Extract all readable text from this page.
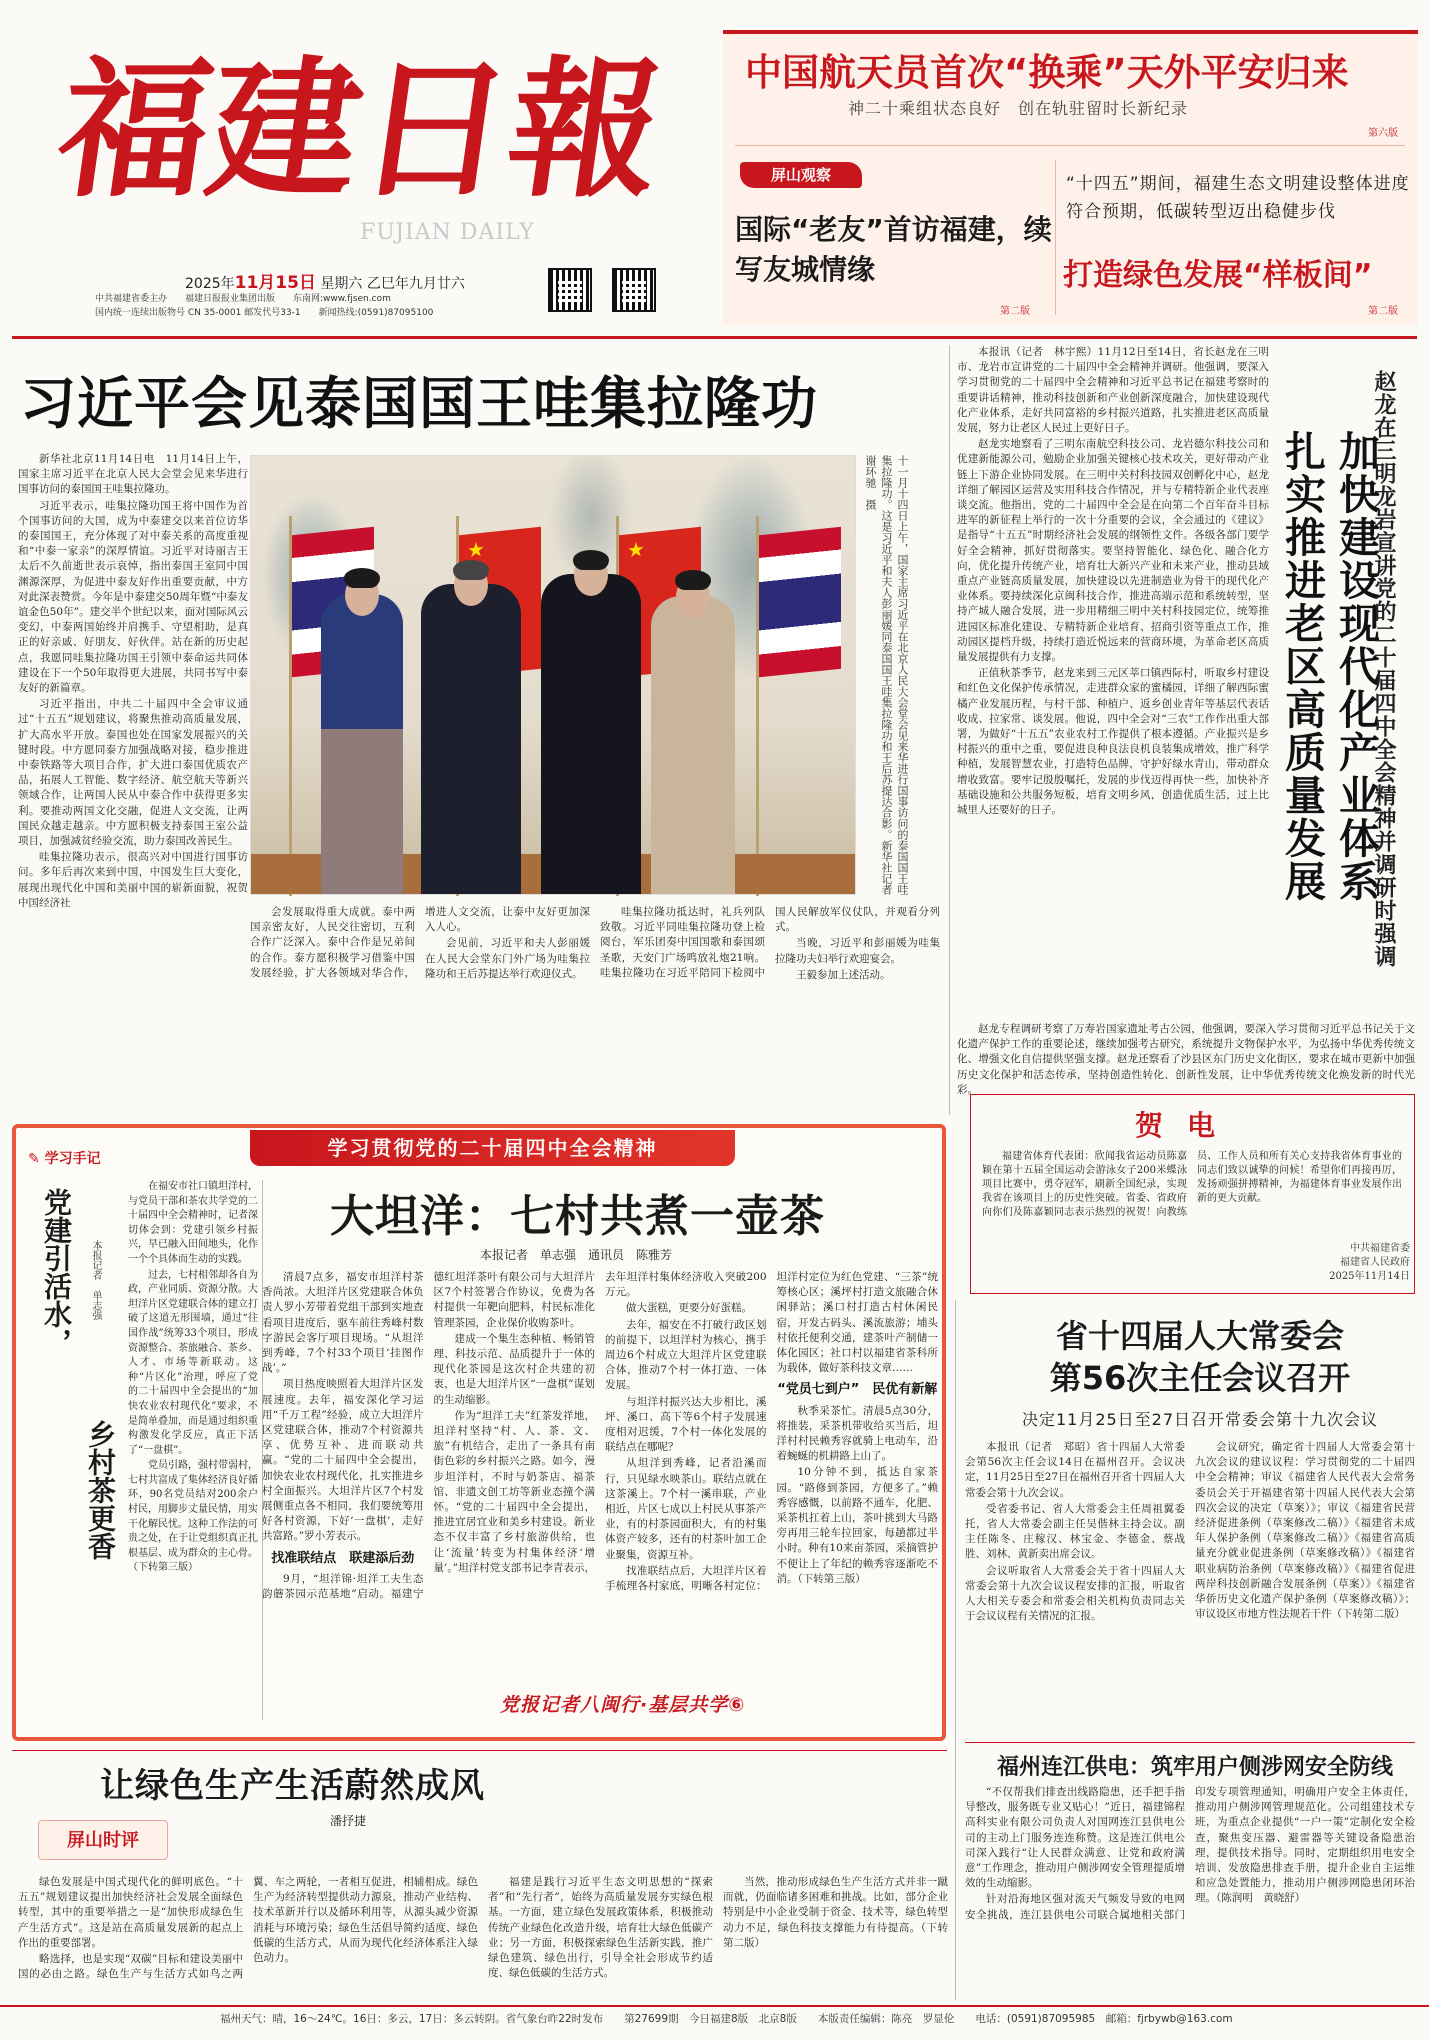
福
建
日
報
FUJIAN DAILY
2025年11月15日 星期六 乙巳年九月廿六
中共福建省委主办　　福建日报报业集团出版　　东南网:www.fjsen.com
国内统一连续出版物号 CN 35-0001 邮发代号33-1　　新闻热线:(0591)87095100
中国航天员首次“换乘”天外平安归来
神二十乘组状态良好　创在轨驻留时长新纪录
第六版
屏山观察
国际“老友”首访福建，续写友城情缘
第二版
“十四五”期间，福建生态文明建设整体进度符合预期，低碳转型迈出稳健步伐
打造绿色发展“样板间”
第二版
习近平会见泰国国王哇集拉隆功

新华社北京11月14日电　11月14日上午，国家主席习近平在北京人民大会堂会见来华进行国事访问的泰国国王哇集拉隆功。

习近平表示，哇集拉隆功国王将中国作为首个国事访问的大国，成为中泰建交以来首位访华的泰国国王，充分体现了对中泰关系的高度重视和“中泰一家亲”的深厚情谊。习近平对诗丽吉王太后不久前逝世表示哀悼，指出泰国王室同中国渊源深厚，为促进中泰友好作出重要贡献，中方对此深表赞赏。今年是中泰建交50周年暨“中泰友谊金色50年”。建交半个世纪以来，面对国际风云变幻，中泰两国始终并肩携手、守望相助，是真正的好亲戚、好朋友、好伙伴。站在新的历史起点，我愿同哇集拉隆功国王引领中泰命运共同体建设在下一个50年取得更大进展，共同书写中泰友好的新篇章。

习近平指出，中共二十届四中全会审议通过“十五五”规划建议，将聚焦推动高质量发展，扩大高水平开放。泰国也处在国家发展振兴的关键时段。中方愿同泰方加强战略对接，稳步推进中泰铁路等大项目合作，扩大进口泰国优质农产品，拓展人工智能、数字经济、航空航天等新兴领域合作，让两国人民从中泰合作中获得更多实利。要推动两国文化交融，促进人文交流，让两国民众越走越亲。中方愿积极支持泰国王室公益项目，加强减贫经验交流，助力泰国改善民生。

哇集拉隆功表示，很高兴对中国进行国事访问。多年后再次来到中国，中国发生巨大变化，展现出现代化中国和美丽中国的崭新面貌，祝贺中国经济社

★
★
十一月十四日上午，国家主席习近平在北京人民大会堂会见来华进行国事访问的泰国国王哇集拉隆功。这是习近平和夫人彭丽媛同泰国国王哇集拉隆功和王后苏提达合影。新华社记者　谢环驰　摄

会发展取得重大成就。泰中两国亲密友好，人民交往密切，互利合作广泛深入。泰中合作是兄弟间的合作。泰方愿积极学习借鉴中国发展经验，扩大各领域对华合作，增进人文交流，让泰中友好更加深入人心。

会见前，习近平和夫人彭丽媛在人民大会堂东门外广场为哇集拉隆功和王后苏提达举行欢迎仪式。

哇集拉隆功抵达时，礼兵列队致敬。习近平同哇集拉隆功登上检阅台，军乐团奏中国国歌和泰国颂圣歌，天安门广场鸣放礼炮21响。哇集拉隆功在习近平陪同下检阅中国人民解放军仪仗队，并观看分列式。

当晚，习近平和彭丽媛为哇集拉隆功夫妇举行欢迎宴会。

王毅参加上述活动。

本报讯（记者　林宇熙）11月12日至14日，省长赵龙在三明市、龙岩市宣讲党的二十届四中全会精神并调研。他强调，要深入学习贯彻党的二十届四中全会精神和习近平总书记在福建考察时的重要讲话精神，推动科技创新和产业创新深度融合，加快建设现代化产业体系，走好共同富裕的乡村振兴道路，扎实推进老区高质量发展，努力让老区人民过上更好日子。

赵龙实地察看了三明东南航空科技公司、龙岩德尔科技公司和优建新能源公司，勉励企业加强关键核心技术攻关，更好带动产业链上下游企业协同发展。在三明中关村科技园双创孵化中心，赵龙详细了解园区运营及实用科技合作情况，并与专精特新企业代表座谈交流。他指出，党的二十届四中全会是在向第二个百年奋斗目标进军的新征程上举行的一次十分重要的会议，全会通过的《建议》是指导“十五五”时期经济社会发展的纲领性文件。各级各部门要学好全会精神，抓好贯彻落实。要坚持智能化、绿色化、融合化方向，优化提升传统产业，培育壮大新兴产业和未来产业，推动县域重点产业链高质量发展，加快建设以先进制造业为骨干的现代化产业体系。要持续深化京闽科技合作，推进高端示范和系统转型，坚持产城人融合发展，进一步用精细三明中关村科技园定位，统筹推进园区标准化建设、专精特新企业培育、招商引资等重点工作，推动园区提档升级，持续打造近悦远来的营商环境，为革命老区高质量发展提供有力支撑。

正值秋茶季节，赵龙来到三元区莘口镇西际村，听取乡村建设和红色文化保护传承情况，走进群众家的蜜橘园，详细了解西际蜜橘产业发展历程，与村干部、种植户、返乡创业青年等基层代表话收成、拉家常、谈发展。他说，四中全会对“三农”工作作出重大部署，为做好“十五五”农业农村工作提供了根本遵循。产业振兴是乡村振兴的重中之重，要促进良种良法良机良装集成增效，推广科学种植，发展智慧农业，打造特色品牌，守护好绿水青山，带动群众增收致富。要牢记殷殷嘱托，发展的步伐迈得再快一些，加快补齐基础设施和公共服务短板，培育文明乡风，创造优质生活，过上比城里人还要好的日子。	加快建设现代化产业体系
扎实推进老区高质量发展	赵龙在三明龙岩宣讲党的二十届四中全会精神并调研时强调

赵龙专程调研考察了万寿岩国家遗址考古公园，他强调，要深入学习贯彻习近平总书记关于文化遗产保护工作的重要论述，继续加强考古研究，系统提升文物保护水平，为弘扬中华优秀传统文化、增强文化自信提供坚强支撑。赵龙还察看了沙县区东门历史文化街区，要求在城市更新中加强历史文化保护和活态传承，坚持创造性转化、创新性发展，让中华优秀传统文化焕发新的时代光彩。

贺电

福建省体育代表团：欣闻我省运动员陈嘉颖在第十五届全国运动会游泳女子200米蝶泳项目比赛中，勇夺冠军，刷新全国纪录，实现我省在该项目上的历史性突破。省委、省政府向你们及陈嘉颖同志表示热烈的祝贺！向教练员、工作人员和所有关心支持我省体育事业的同志们致以诚挚的问候！希望你们再接再厉，发扬顽强拼搏精神，为福建体育事业发展作出新的更大贡献。

中共福建省委
福建省人民政府
2025年11月14日
省十四届人大常委会
第56次主任会议召开
决定11月25日至27日召开常委会第十九次会议

本报讯（记者　郑昭）省十四届人大常委会第56次主任会议14日在福州召开。会议决定，11月25日至27日在福州召开省十四届人大常委会第十九次会议。

受省委书记、省人大常委会主任周祖翼委托，省人大常委会副主任吴偕林主持会议。副主任陈冬、庄稼汉、林宝金、李德金、蔡战胜、刘林、黄新卖出席会议。

会议听取省人大常委会关于省十四届人大常委会第十九次会议议程安排的汇报，听取省人大相关专委会和常委会相关机构负责同志关于会议议程有关情况的汇报。

会议研究，确定省十四届人大常委会第十九次会议的建议议程：学习贯彻党的二十届四中全会精神；审议《福建省人民代表大会常务委员会关于开福建省第十四届人民代表大会第四次会议的决定（草案）》；审议《福建省民营经济促进条例（草案修改二稿）》《福建省未成年人保护条例（草案修改二稿）》《福建省高质量充分就业促进条例（草案修改稿）》《福建省职业病防治条例（草案修改稿）》《福建省促进两岸科技创新融合发展条例（草案）》《福建省华侨历史文化遗产保护条例（草案修改稿）》；审议设区市地方性法规若干件（下转第二版）

学习贯彻党的二十届四中全会精神
✎ 学习手记
党建引活水，
乡村茶更香
本报记者　单志强

在福安市社口镇坦洋村，与党员干部和茶农共学党的二十届四中全会精神时，记者深切体会到：党建引领乡村振兴，早已融入田间地头，化作一个个具体而生动的实践。

过去，七村相邻却各自为政，产业同质、资源分散。大坦洋片区党建联合体的建立打破了这道无形围墙，通过“往国作战”统筹33个项目，形成资源整合、茶旅融合、茶乡、人才、市场等新联动。这种“片区化”治理，呼应了党的二十届四中全会提出的“加快农业农村现代化”要求，不是简单叠加，而是通过组织重构激发化学反应，真正下活了“一盘棋”。

党员引路，强村带弱村，七村共富成了集体经济良好循环，90名党员结对200余户村民，用脚步丈量民情，用实干化解民忧。这种工作法的可贵之处，在于让党组织真正扎根基层、成为群众的主心骨。（下转第三版）

大坦洋：七村共煮一壶茶
本报记者　单志强　通讯员　陈雅芳

清晨7点多，福安市坦洋村茶香尚浓。大坦洋片区党建联合体负责人罗小芳带着党组干部到实地查看项目进度后，驱车前往秀峰村数字游民会客厅项目现场。“从坦洋到秀峰，7个村33个项目‘挂图作战’。”

项目热度映照着大坦洋片区发展速度。去年，福安深化学习运用“千万工程”经验，成立大坦洋片区党建联合体，推动7个村资源共享、优势互补、进而联动共赢。“党的二十届四中全会提出，加快农业农村现代化，扎实推进乡村全面振兴。大坦洋片区7个村发展侧重点各不相同，我们要统筹用好各村资源，下好‘一盘棋’，走好共富路。”罗小芳表示。

找准联结点　联建添后劲

9月，“坦洋锦·坦洋工夫生态韵蘑茶园示范基地”启动。福建宁德红坦洋茶叶有限公司与大坦洋片区7个村签署合作协议，免费为各村提供一年靶向肥料，村民标准化管理茶园，企业保价收购茶叶。

建成一个集生态种植、畅销管理、科技示范、品质提升于一体的现代化茶园是这次村企共建的初衷，也是大坦洋片区“一盘棋”谋划的生动缩影。

作为“坦洋工夫”红茶发祥地，坦洋村坚持“村、人、茶、文、旅”有机结合，走出了一条具有南街色彩的乡村振兴之路。如今，漫步坦洋村，不时与奶茶店、福茶馆、非遗文创工坊等新业态撞个满怀。“党的二十届四中全会提出，推进宜居宜业和美乡村建设。新业态不仅丰富了乡村旅游供给，也让‘流量’转变为村集体经济‘增量’。”坦洋村党支部书记李青表示，去年坦洋村集体经济收入突破200万元。

做大蛋糕，更要分好蛋糕。

去年，福安在不打破行政区划的前提下，以坦洋村为核心，携手周边6个村成立大坦洋片区党建联合体，推动7个村一体打造、一体发展。

与坦洋村振兴达大步相比，溪坪、溪口、高下等6个村子发展速度相对迟缓，7个村一体化发展的联结点在哪呢？

从坦洋到秀峰，记者沿溪而行，只见绿水映茶山。联结点就在这茶溪上。7个村一溪串联，产业相近，片区七成以上村民从事茶产业，有的村茶园面积大，有的村集体资产较多，还有的村茶叶加工企业聚集，资源互补。

找准联结点后，大坦洋片区着手梳理各村家底，明晰各村定位：坦洋村定位为红色党建、“三茶”统筹核心区；溪坪村打造文旅融合休闲驿站；溪口村打造古村休闲民宿，开发古码头、溪流旅游；埔头村依托便利交通，建茶叶产制储一体化园区；社口村以福建省茶科所为载体，做好茶科技文章……

“党员七到户”　民优有新解

秋季采茶忙。清晨5点30分，将推装，采茶机带收给买当后，坦洋村村民赖秀容就骑上电动车，沿着蜿蜒的机耕路上山了。

10分钟不到，抵达自家茶园。“路修到茶园，方便多了。”赖秀容感慨，以前路不通车，化肥、采茶机扛着上山，茶叶挑到大马路旁再用三轮车拉回家，每趟都过半小时。种有10来亩茶园，采摘管护不便让上了年纪的赖秀容逐渐吃不消。（下转第三版）

党报记者八闽行·基层共学⑥
让绿色生产生活蔚然成风
潘抒捷
屏山时评

绿色发展是中国式现代化的鲜明底色。“十五五”规划建议提出加快经济社会发展全面绿色转型，其中的重要举措之一是“加快形成绿色生产生活方式”。这是站在高质量发展新的起点上作出的重要部署。

略选择，也是实现“双碳”目标和建设美丽中国的必由之路。绿色生产与生活方式如鸟之两翼、车之两轮，一者相互促进，相辅相成。绿色生产为经济转型提供动力源泉，推动产业结构、技术革新并行以及循环利用等，从源头减少资源消耗与环境污染；绿色生活倡导简约适度、绿色低碳的生活方式，从而为现代化经济体系注入绿色动力。

福建是践行习近平生态文明思想的“探索者”和“先行者”，始终为高质量发展夯实绿色根基。一方面，建立绿色发展政策体系，积极推动传统产业绿色化改造升级，培育壮大绿色低碳产业；另一方面，积极探索绿色生活新实践，推广绿色建筑、绿色出行，引导全社会形成节约适度、绿色低碳的生活方式。

当然，推动形成绿色生产生活方式并非一蹴而就，仍面临诸多困难和挑战。比如，部分企业特别是中小企业受制于资金、技术等，绿色转型动力不足，绿色科技支撑能力有待提高。（下转第二版）

福州连江供电：筑牢用户侧涉网安全防线

“不仅帮我们排查出线路隐患，还手把手指导整改，服务既专业又贴心！”近日，福建锦程高科实业有限公司负责人对国网连江县供电公司的主动上门服务连连称赞。这是连江供电公司深入践行“让人民群众满意、让党和政府满意”工作理念，推动用户侧涉网安全管理提质增效的生动缩影。

针对沿海地区强对流天气频发导致的电网安全挑战，连江县供电公司联合属地相关部门印发专项管理通知，明确用户安全主体责任，推动用户侧涉网管理规范化。公司组建技术专班，为重点企业提供“一户一策”定制化安全检查，聚焦变压器、避雷器等关键设备隐患治理，提供技术指导。同时，定期组织用电安全培训、发放隐患排查手册，提升企业自主运维和应急处置能力，推动用户侧涉网隐患闭环治理。（陈润明　黄晓舒）

福州天气：晴，16～24℃。16日：多云，17日：多云转阴。省气象台昨22时发布　　第27699期　今日福建8版　北京8版　　本版责任编辑：陈亮　罗显伦　　电话：(0591)87095985　邮箱：fjrbywb@163.com
